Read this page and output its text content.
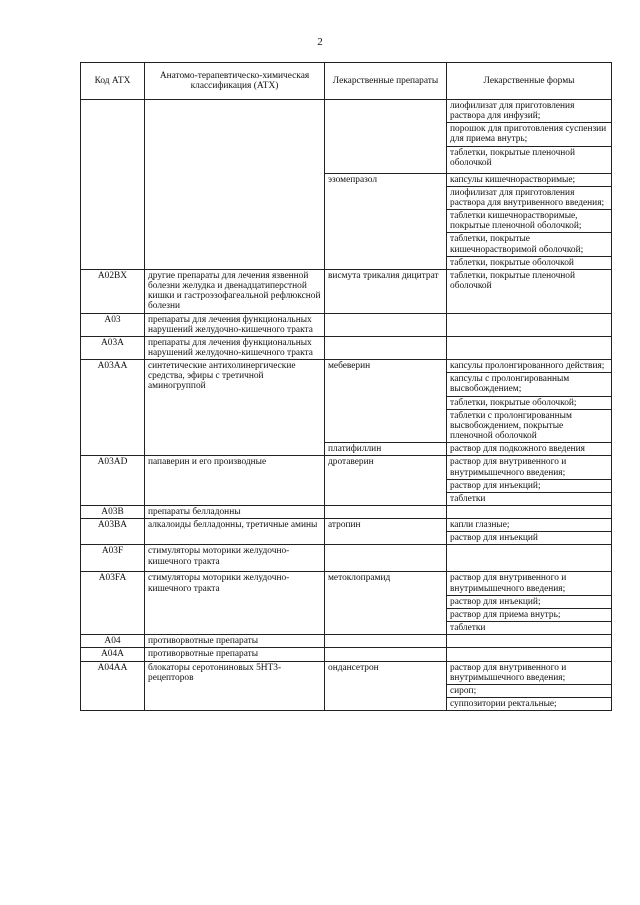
2
Код АТХ	Анатомо-терапевтическо-химическая классификация (АТХ)	Лекарственные препараты	Лекарственные формы
			лиофилизат для приготовления раствора для инфузий;
			порошок для приготовления суспензии для приема внутрь;
			таблетки, покрытые пленочной оболочкой
		эзомепразол	капсулы кишечнорастворимые;
			лиофилизат для приготовления раствора для внутривенного введения;
			таблетки кишечнорастворимые, покрытые пленочной оболочкой;
			таблетки, покрытые кишечнорастворимой оболочкой;
			таблетки, покрытые оболочкой
A02BX	другие препараты для лечения язвенной болезни желудка и двенадцатиперстной кишки и гастроэзофагеальной рефлюксной болезни	висмута трикалия дицитрат	таблетки, покрытые пленочной оболочкой
A03	препараты для лечения функциональных нарушений желудочно-кишечного тракта		
A03A	препараты для лечения функциональных нарушений желудочно-кишечного тракта		
A03AA	синтетические антихолинергические средства, эфиры с третичной аминогруппой	мебеверин	капсулы пролонгированного действия;
			капсулы с пролонгированным высвобождением;
			таблетки, покрытые оболочкой;
			таблетки с пролонгированным высвобождением, покрытые пленочной оболочкой
		платифиллин	раствор для подкожного введения
A03AD	папаверин и его производные	дротаверин	раствор для внутривенного и внутримышечного введения;
			раствор для инъекций;
			таблетки
A03B	препараты белладонны		
A03BA	алкалоиды белладонны, третичные амины	атропин	капли глазные;
			раствор для инъекций
A03F	стимуляторы моторики желудочно-кишечного тракта		
A03FA	стимуляторы моторики желудочно-кишечного тракта	метоклопрамид	раствор для внутривенного и внутримышечного введения;
			раствор для инъекций;
			раствор для приема внутрь;
			таблетки
A04	противорвотные препараты		
A04A	противорвотные препараты		
A04AA	блокаторы серотониновых 5HT3-рецепторов	ондансетрон	раствор для внутривенного и внутримышечного введения;
			сироп;
			суппозитории ректальные;
